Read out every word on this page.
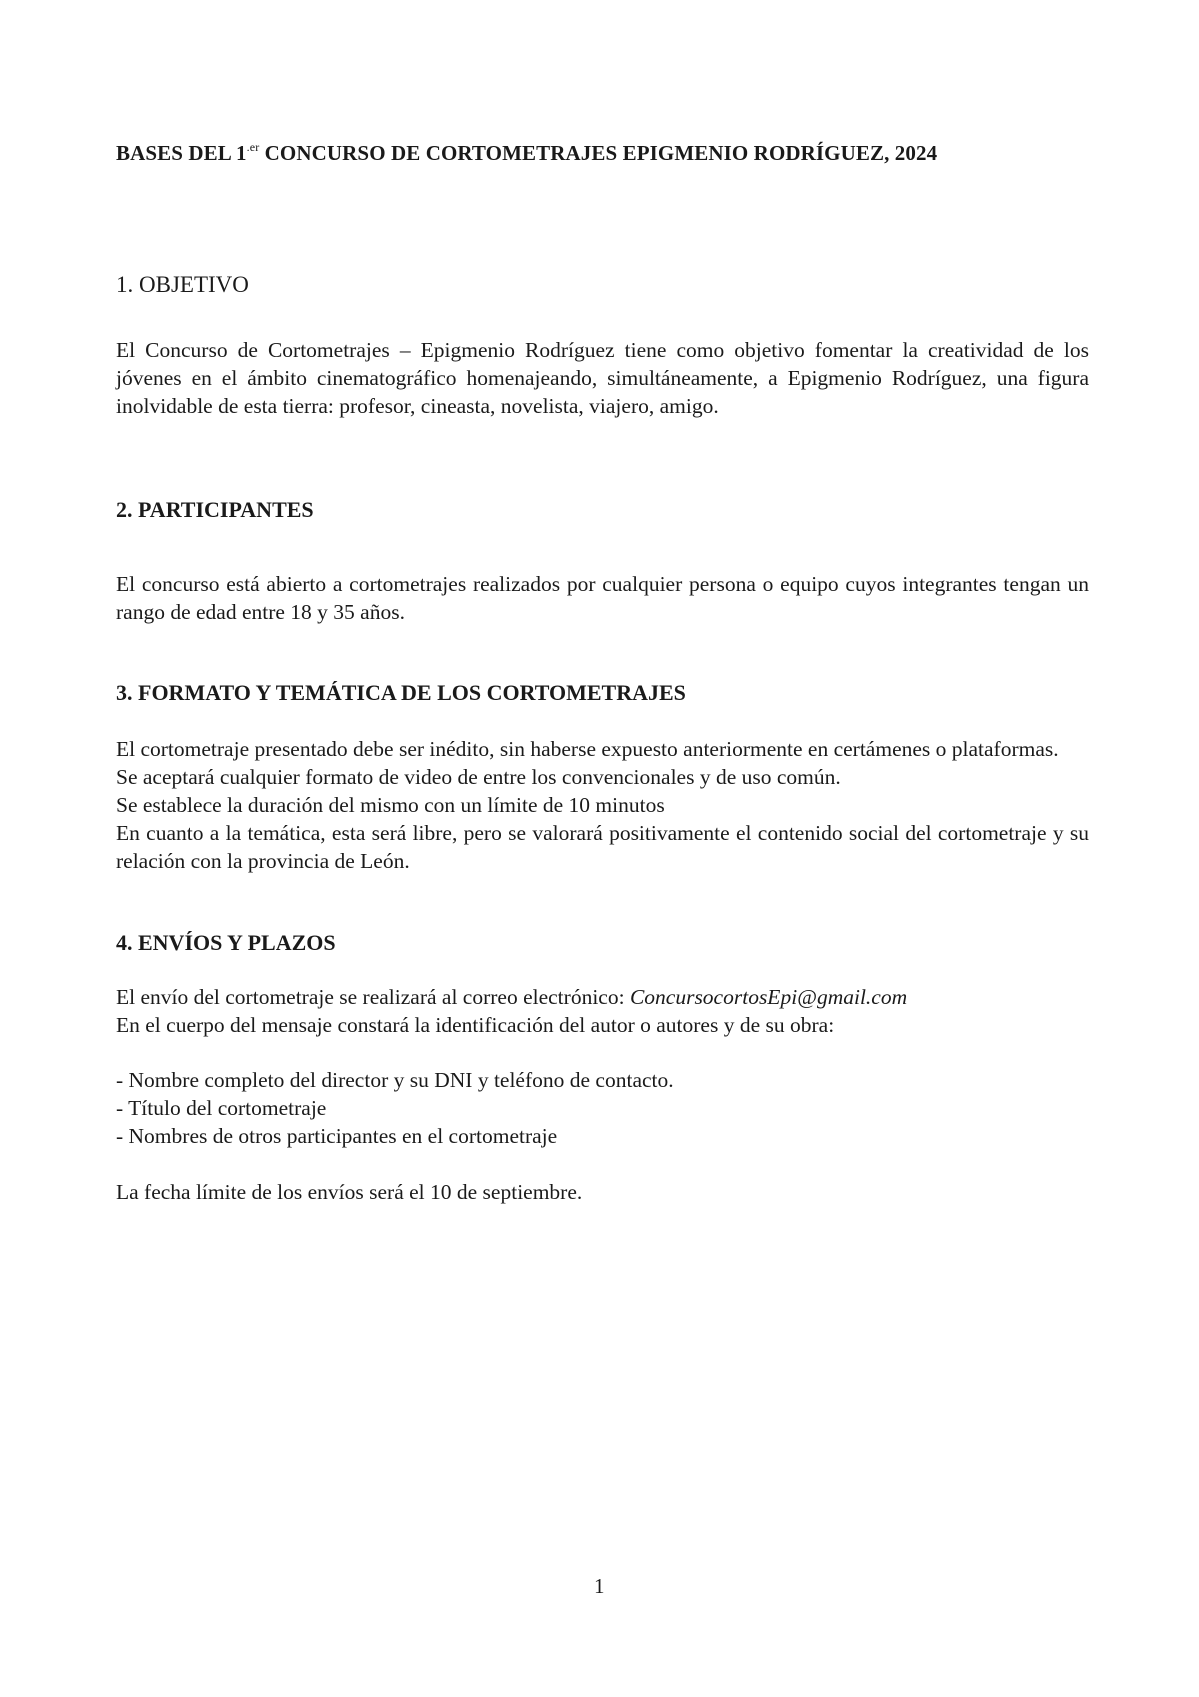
BASES DEL $1^{.er}$ CONCURSO DE CORTOMETRAJES EPIGMENIO RODRÍGUEZ, 2024
1. OBJETIVO

El Concurso de Cortometrajes – Epigmenio Rodríguez tiene como objetivo fomentar la creatividad de los jóvenes en el ámbito cinematográfico homenajeando, simultáneamente, a Epigmenio Rodríguez, una figura inolvidable de esta tierra: profesor, cineasta, novelista, viajero, amigo.

2. PARTICIPANTES

El concurso está abierto a cortometrajes realizados por cualquier persona o equipo cuyos integrantes tengan un rango de edad entre 18 y 35 años.

3. FORMATO Y TEMÁTICA DE LOS CORTOMETRAJES

El cortometraje presentado debe ser inédito, sin haberse expuesto anteriormente en certámenes o plataformas.

Se aceptará cualquier formato de video de entre los convencionales y de uso común.

Se establece la duración del mismo con un límite de 10 minutos

En cuanto a la temática, esta será libre, pero se valorará positivamente el contenido social del cortometraje y su relación con la provincia de León.

4. ENVÍOS Y PLAZOS
El envío del cortometraje se realizará al correo electrónico: ConcursocortosEpi@gmail.com
En el cuerpo del mensaje constará la identificación del autor o autores y de su obra:
- Nombre completo del director y su DNI y teléfono de contacto.
- Título del cortometraje
- Nombres de otros participantes en el cortometraje
La fecha límite de los envíos será el 10 de septiembre.
1
